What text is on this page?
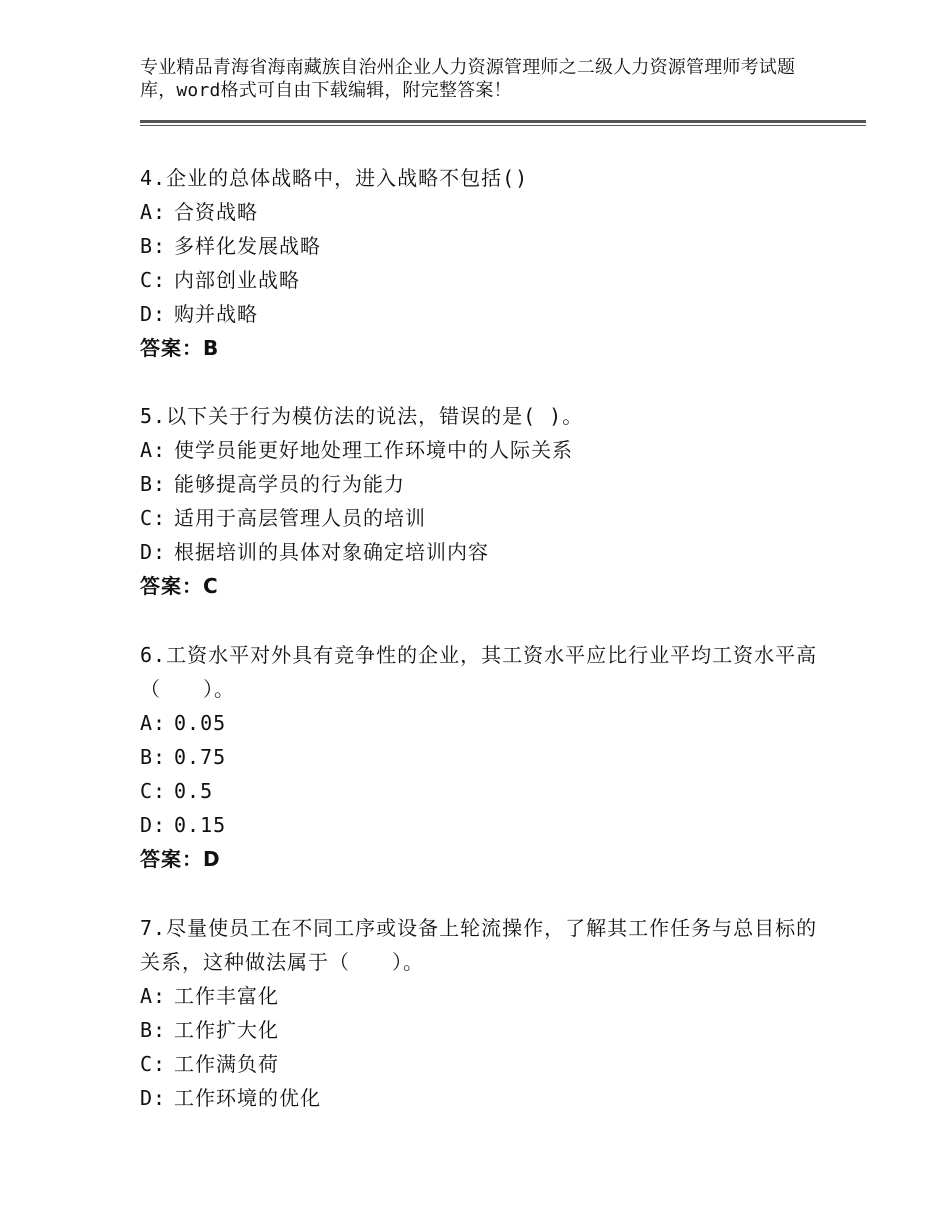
专业精品青海省海南藏族自治州企业人力资源管理师之二级人力资源管理师考试题库，word格式可自由下载编辑，附完整答案！
4.企业的总体战略中，进入战略不包括()
A: 合资战略
B: 多样化发展战略
C: 内部创业战略
D: 购并战略
答案：B
5.以下关于行为模仿法的说法，错误的是( )。
A: 使学员能更好地处理工作环境中的人际关系
B: 能够提高学员的行为能力
C: 适用于高层管理人员的培训
D: 根据培训的具体对象确定培训内容
答案：C
6.工资水平对外具有竞争性的企业，其工资水平应比行业平均工资水平高（　　）。
A: 0.05
B: 0.75
C: 0.5
D: 0.15
答案：D
7.尽量使员工在不同工序或设备上轮流操作，了解其工作任务与总目标的关系，这种做法属于（　　）。
A: 工作丰富化
B: 工作扩大化
C: 工作满负荷
D: 工作环境的优化
